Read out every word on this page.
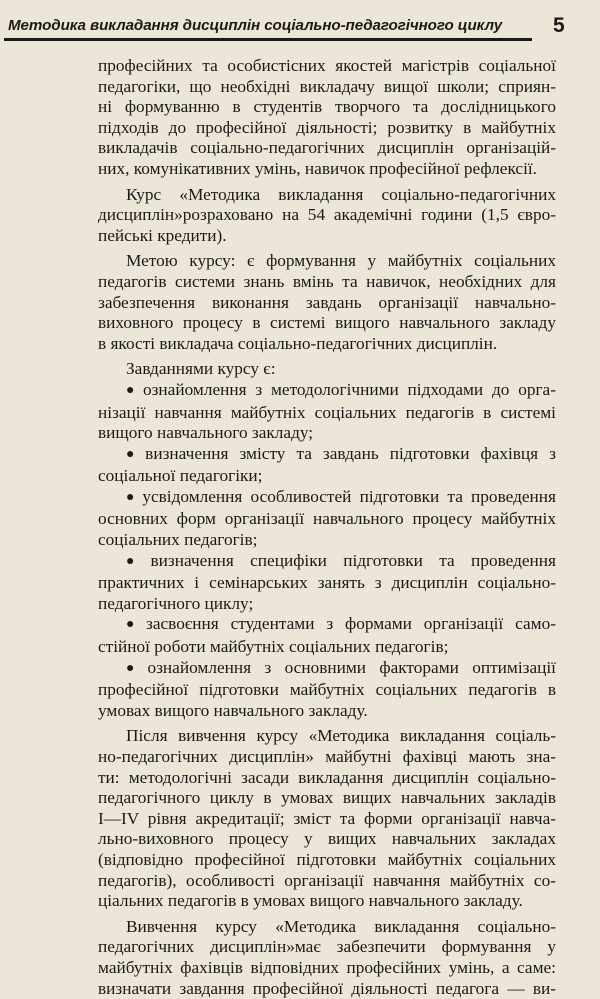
Методика викладання дисциплін соціально-педагогічного циклу 5

професійних та особистісних якостей магістрів соціальної

педагогіки, що необхідні викладачу вищої школи; сприян-

ні формуванню в студентів творчого та дослідницького

підходів до професійної діяльності; розвитку в майбутніх

викладачів соціально-педагогічних дисциплін організацій-

них, комунікативних умінь, навичок професійної рефлексії.

Курс «Методика викладання соціально-педагогічних

дисциплін»розраховано на 54 академічні години (1,5 євро-

пейські кредити).

Метою курсу: є формування у майбутніх соціальних

педагогів системи знань вмінь та навичок, необхідних для

забезпечення виконання завдань організації навчально-

виховного процесу в системі вищого навчального закладу

в якості викладача соціально-педагогічних дисциплін.

Завданнями курсу є:

● ознайомлення з методологічними підходами до орга-

нізації навчання майбутніх соціальних педагогів в системі

вищого навчального закладу;

● визначення змісту та завдань підготовки фахівця з

соціальної педагогіки;

● усвідомлення особливостей підготовки та проведення

основних форм організації навчального процесу майбутніх

соціальних педагогів;

● визначення специфіки підготовки та проведення

практичних і семінарських занять з дисциплін соціально-

педагогічного циклу;

● засвоєння студентами з формами організації само-

стійної роботи майбутніх соціальних педагогів;

● ознайомлення з основними факторами оптимізації

професійної підготовки майбутніх соціальних педагогів в

умовах вищого навчального закладу.

Після вивчення курсу «Методика викладання соціаль-

но-педагогічних дисциплін» майбутні фахівці мають зна-

ти: методологічні засади викладання дисциплін соціально-

педагогічного циклу в умовах вищих навчальних закладів

I—IV рівня акредитації; зміст та форми організації навча-

льно-виховного процесу у вищих навчальних закладах

(відповідно професійної підготовки майбутніх соціальних

педагогів), особливості організації навчання майбутніх со-

ціальних педагогів в умовах вищого навчального закладу.

Вивчення курсу «Методика викладання соціально-

педагогічних дисциплін»має забезпечити формування у

майбутніх фахівців відповідних професійних умінь, а саме:

визначати завдання професійної діяльності педагога — ви-
